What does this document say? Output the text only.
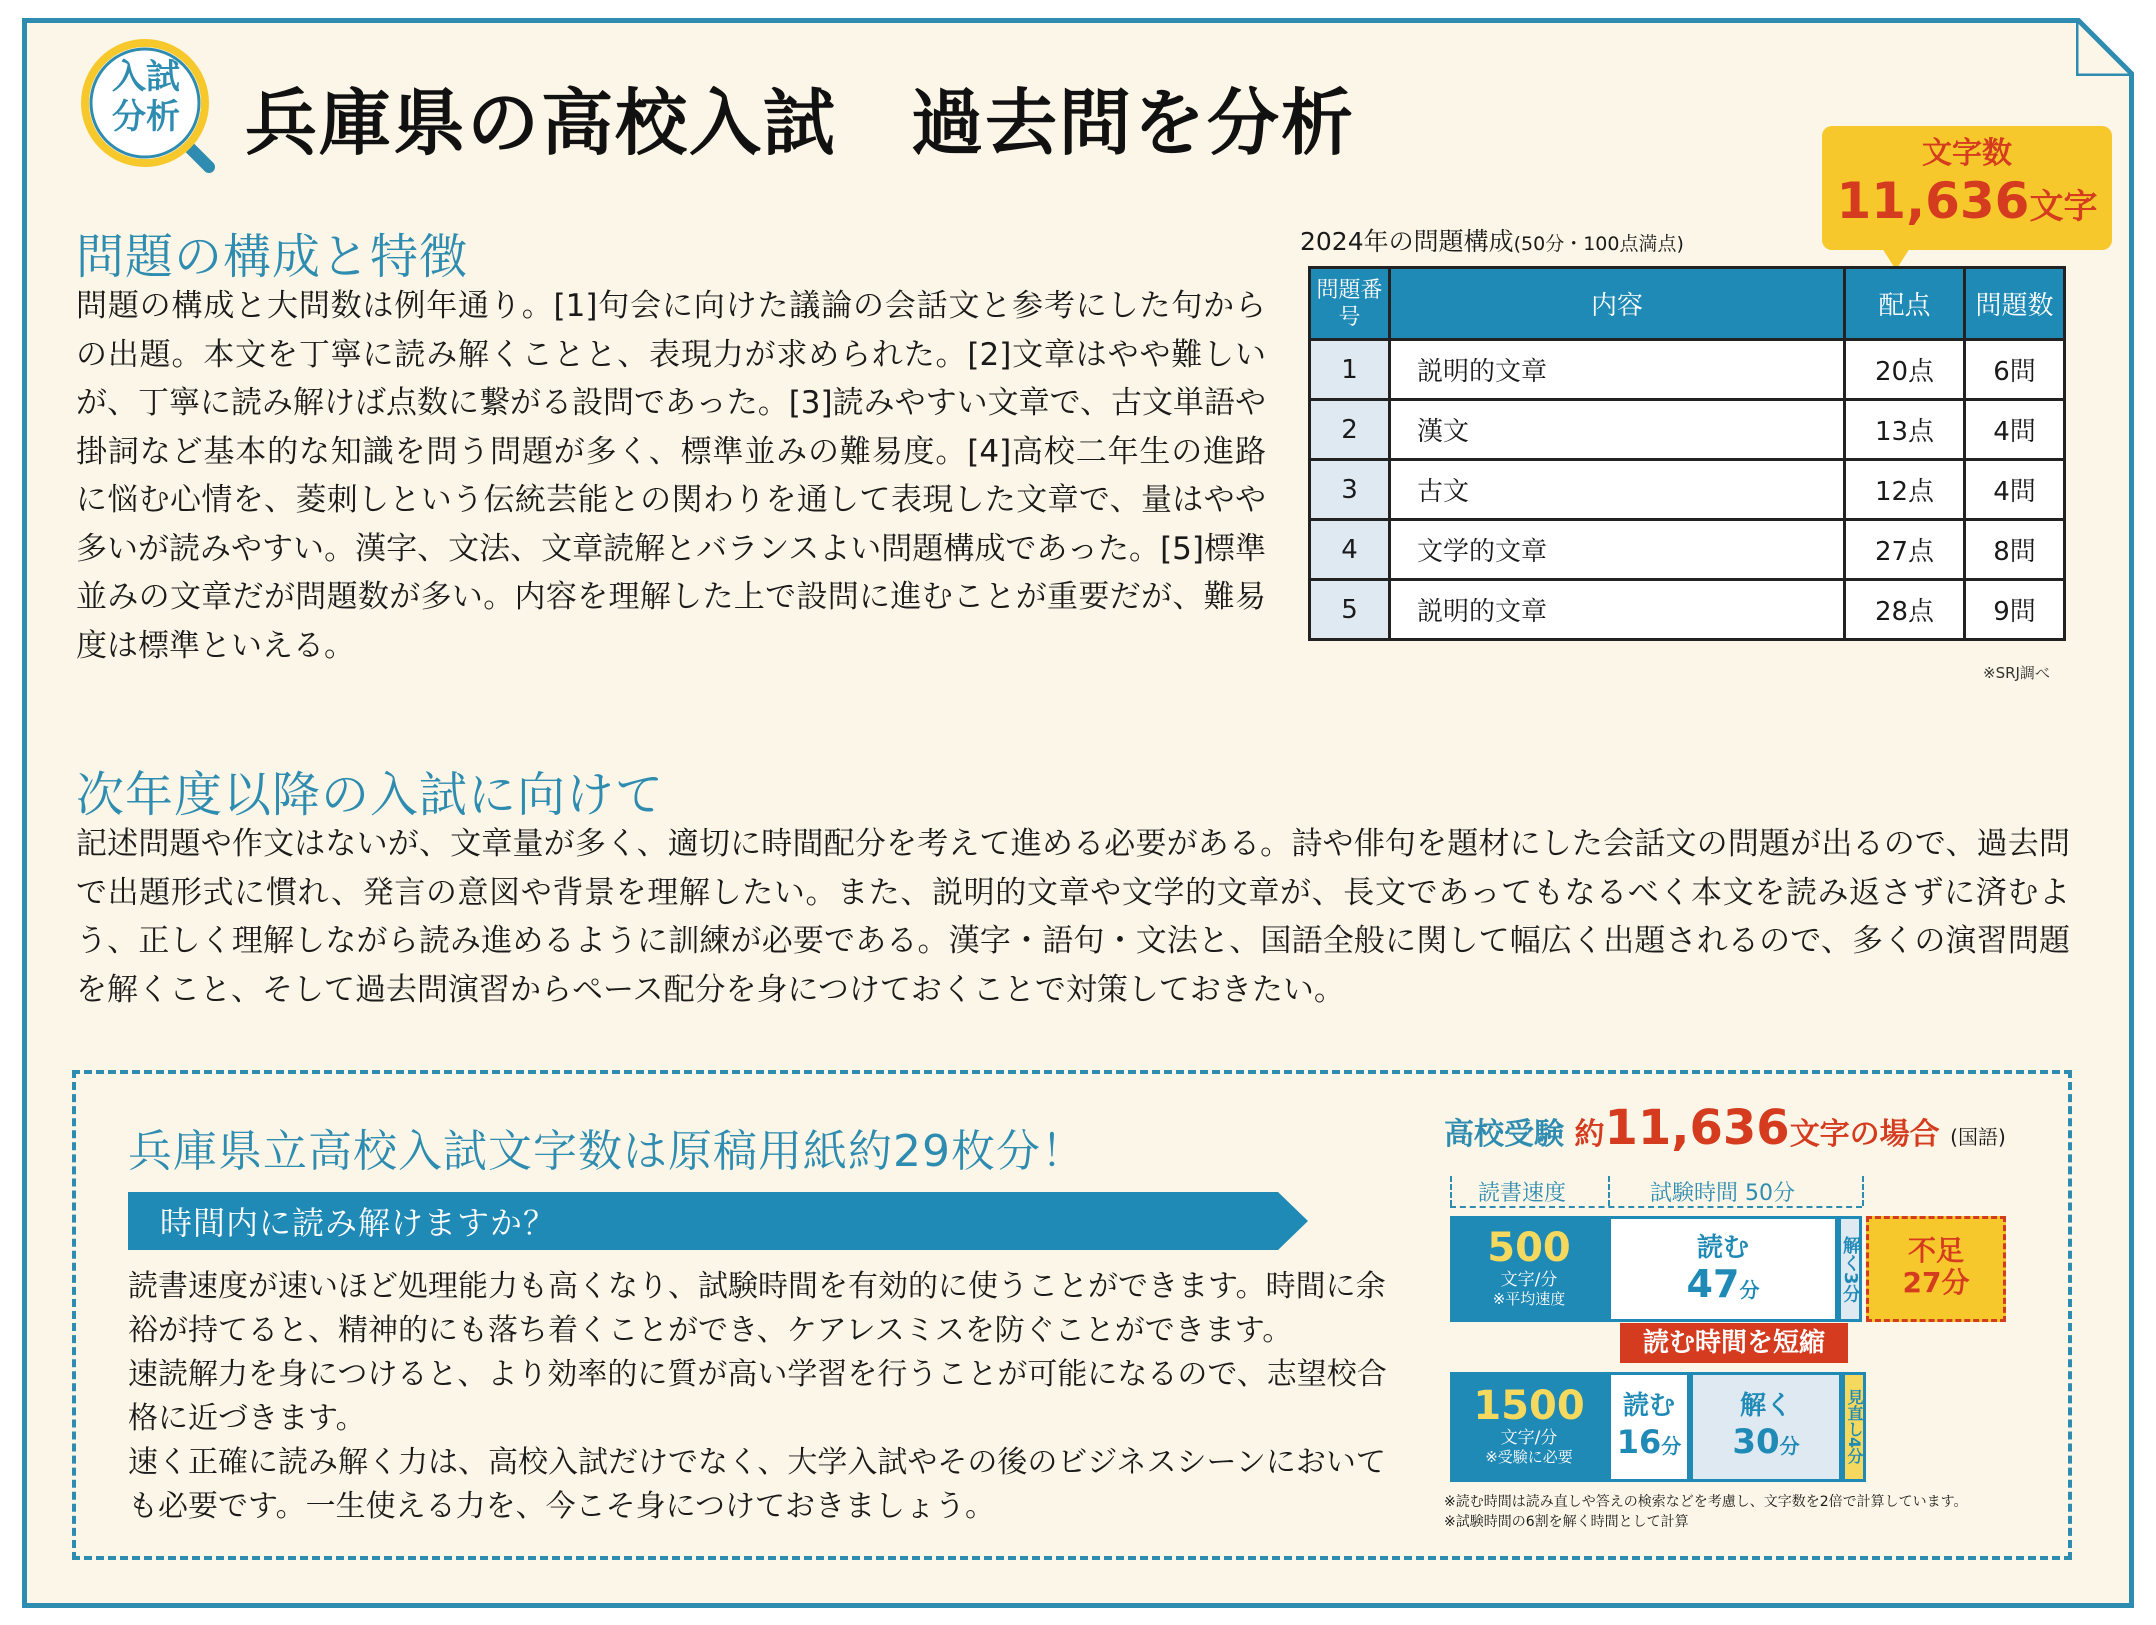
入試
分析 兵庫県の高校入試　過去問を分析
問題の構成と特徴
問題の構成と大問数は例年通り。[1]句会に向けた議論の会話文と参考にした句からの出題。本文を丁寧に読み解くことと、表現力が求められた。[2]文章はやや難しいが、丁寧に読み解けば点数に繋がる設問であった。[3]読みやすい文章で、古文単語や掛詞など基本的な知識を問う問題が多く、標準並みの難易度。[4]高校二年生の進路に悩む心情を、菱刺しという伝統芸能との関わりを通して表現した文章で、量はやや多いが読みやすい。漢字、文法、文章読解とバランスよい問題構成であった。[5]標準並みの文章だが問題数が多い。内容を理解した上で設問に進むことが重要だが、難易度は標準といえる。
2024年の問題構成(50分・100点満点)
文字数
11,636文字
問題番号	内容	配点	問題数
1	説明的文章	20点	6問
2	漢文	13点	4問
3	古文	12点	4問
4	文学的文章	27点	8問
5	説明的文章	28点	9問
※SRJ調べ
次年度以降の入試に向けて
記述問題や作文はないが、文章量が多く、適切に時間配分を考えて進める必要がある。詩や俳句を題材にした会話文の問題が出るので、過去問で出題形式に慣れ、発言の意図や背景を理解したい。また、説明的文章や文学的文章が、長文であってもなるべく本文を読み返さずに済むよう、正しく理解しながら読み進めるように訓練が必要である。漢字・語句・文法と、国語全般に関して幅広く出題されるので、多くの演習問題を解くこと、そして過去問演習からペース配分を身につけておくことで対策しておきたい。
兵庫県立高校入試文字数は原稿用紙約29枚分！
時間内に読み解けますか？

読書速度が速いほど処理能力も高くなり、試験時間を有効的に使うことができます。時間に余裕が持てると、精神的にも落ち着くことができ、ケアレスミスを防ぐことができます。

速読解力を身につけると、より効率的に質が高い学習を行うことが可能になるので、志望校合格に近づきます。

速く正確に読み解く力は、高校入試だけでなく、大学入試やその後のビジネスシーンにおいても必要です。一生使える力を、今こそ身につけておきましょう。

高校受験 約11,636文字の場合 (国語)
読書速度	試験時間 50分
500
文字/分
※平均速度
読む
47分	解く3分	不足
27分
読む時間を短縮
1500
文字/分
※受験に必要
読む
16分
解く
30分	見直し4分
※読む時間は読み直しや答えの検索などを考慮し、文字数を2倍で計算しています。
※試験時間の6割を解く時間として計算
